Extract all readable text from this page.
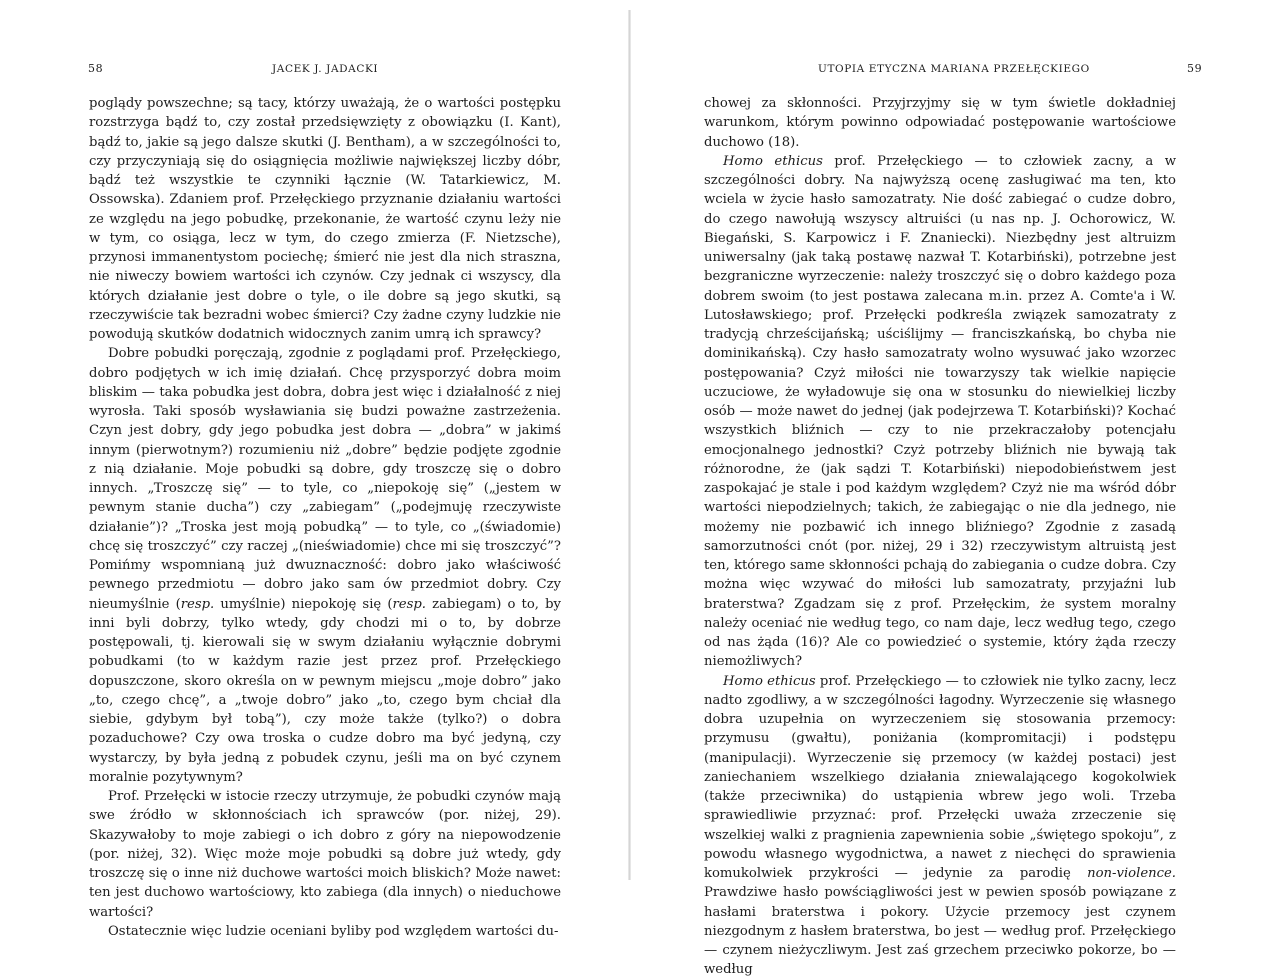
58	JACEK J. JADACKI

poglądy powszechne; są tacy, którzy uważają, że o wartości postępku rozstrzyga bądź to, czy został przedsięwzięty z obowiązku (I. Kant), bądź to, jakie są jego dalsze skutki (J. Bentham), a w szczególności to, czy przyczyniają się do osiągnięcia możliwie największej liczby dóbr, bądź też wszystkie te czynniki łącznie (W. Tatarkiewicz, M. Ossowska). Zdaniem prof. Przełęckiego przyznanie działaniu wartości ze względu na jego pobudkę, przekonanie, że wartość czynu leży nie w tym, co osiąga, lecz w tym, do czego zmierza (F. Nietzsche), przynosi immanentystom pociechę; śmierć nie jest dla nich straszna, nie niweczy bowiem wartości ich czynów. Czy jednak ci wszyscy, dla których działanie jest dobre o tyle, o ile dobre są jego skutki, są rzeczywiście tak bezradni wobec śmierci? Czy żadne czyny ludzkie nie powodują skutków dodatnich widocznych zanim umrą ich sprawcy?

Dobre pobudki poręczają, zgodnie z poglądami prof. Przełęckiego, dobro podjętych w ich imię działań. Chcę przysporzyć dobra moim bliskim — taka pobudka jest dobra, dobra jest więc i działalność z niej wyrosła. Taki sposób wysławiania się budzi poważne zastrzeżenia. Czyn jest dobry, gdy jego pobudka jest dobra — „dobra” w jakimś innym (pierwotnym?) rozumieniu niż „dobre” będzie podjęte zgodnie z nią działanie. Moje pobudki są dobre, gdy troszczę się o dobro innych. „Troszczę się” — to tyle, co „niepokoję się” („jestem w pewnym stanie ducha”) czy „zabiegam” („podejmuję rzeczywiste działanie”)? „Troska jest moją pobudką” — to tyle, co „(świadomie) chcę się troszczyć” czy raczej „(nieświadomie) chce mi się troszczyć”? Pomińmy wspomnianą już dwuznaczność: dobro jako właściwość pewnego przedmiotu — dobro jako sam ów przedmiot dobry. Czy nieumyślnie (resp. umyślnie) niepokoję się (resp. zabiegam) o to, by inni byli dobrzy, tylko wtedy, gdy chodzi mi o to, by dobrze postępowali, tj. kierowali się w swym działaniu wyłącznie dobrymi pobudkami (to w każdym razie jest przez prof. Przełęckiego dopuszczone, skoro określa on w pewnym miejscu „moje dobro” jako „to, czego chcę”, a „twoje dobro” jako „to, czego bym chciał dla siebie, gdybym był tobą”), czy może także (tylko?) o dobra pozaduchowe? Czy owa troska o cudze dobro ma być jedyną, czy wystarczy, by była jedną z pobudek czynu, jeśli ma on być czynem moralnie pozytywnym?

Prof. Przełęcki w istocie rzeczy utrzymuje, że pobudki czynów mają swe źródło w skłonnościach ich sprawców (por. niżej, 29). Skazywałoby to moje zabiegi o ich dobro z góry na niepowodzenie (por. niżej, 32). Więc może moje pobudki są dobre już wtedy, gdy troszczę się o inne niż duchowe wartości moich bliskich? Może nawet: ten jest duchowo wartościowy, kto zabiega (dla innych) o nieduchowe wartości?

Ostatecznie więc ludzie oceniani byliby pod względem wartości du-

UTOPIA ETYCZNA MARIANA PRZEŁĘCKIEGO	59

chowej za skłonności. Przyjrzyjmy się w tym świetle dokładniej warunkom, którym powinno odpowiadać postępowanie wartościowe duchowo (18).

Homo ethicus prof. Przełęckiego — to człowiek zacny, a w szczególności dobry. Na najwyższą ocenę zasługiwać ma ten, kto wciela w życie hasło samozatraty. Nie dość zabiegać o cudze dobro, do czego nawołują wszyscy altruiści (u nas np. J. Ochorowicz, W. Biegański, S. Karpowicz i F. Znaniecki). Niezbędny jest altruizm uniwersalny (jak taką postawę nazwał T. Kotarbiński), potrzebne jest bezgraniczne wyrzeczenie: należy troszczyć się o dobro każdego poza dobrem swoim (to jest postawa zalecana m.in. przez A. Comte'a i W. Lutosławskiego; prof. Przełęcki podkreśla związek samozatraty z tradycją chrześcijańską; uściślijmy — franciszkańską, bo chyba nie dominikańską). Czy hasło samozatraty wolno wysuwać jako wzorzec postępowania? Czyż miłości nie towarzyszy tak wielkie napięcie uczuciowe, że wyładowuje się ona w stosunku do niewielkiej liczby osób — może nawet do jednej (jak podejrzewa T. Kotarbiński)? Kochać wszystkich bliźnich — czy to nie przekraczałoby potencjału emocjonalnego jednostki? Czyż potrzeby bliźnich nie bywają tak różnorodne, że (jak sądzi T. Kotarbiński) niepodobieństwem jest zaspokajać je stale i pod każdym względem? Czyż nie ma wśród dóbr wartości niepodzielnych; takich, że zabiegając o nie dla jednego, nie możemy nie pozbawić ich innego bliźniego? Zgodnie z zasadą samorzutności cnót (por. niżej, 29 i 32) rzeczywistym altruistą jest ten, którego same skłonności pchają do zabiegania o cudze dobra. Czy można więc wzywać do miłości lub samozatraty, przyjaźni lub braterstwa? Zgadzam się z prof. Przełęckim, że system moralny należy oceniać nie według tego, co nam daje, lecz według tego, czego od nas żąda (16)? Ale co powiedzieć o systemie, który żąda rzeczy niemożliwych?

Homo ethicus prof. Przełęckiego — to człowiek nie tylko zacny, lecz nadto zgodliwy, a w szczególności łagodny. Wyrzeczenie się własnego dobra uzupełnia on wyrzeczeniem się stosowania przemocy: przymusu (gwałtu), poniżania (kompromitacji) i podstępu (manipulacji). Wyrzeczenie się przemocy (w każdej postaci) jest zaniechaniem wszelkiego działania zniewalającego kogokolwiek (także przeciwnika) do ustąpienia wbrew jego woli. Trzeba sprawiedliwie przyznać: prof. Przełęcki uważa zrzeczenie się wszelkiej walki z pragnienia zapewnienia sobie „świętego spokoju”, z powodu własnego wygodnictwa, a nawet z niechęci do sprawienia komukolwiek przykrości — jedynie za parodię non-violence. Prawdziwe hasło powściągliwości jest w pewien sposób powiązane z hasłami braterstwa i pokory. Użycie przemocy jest czynem niezgodnym z hasłem braterstwa, bo jest — według prof. Przełęckiego — czynem nieżyczliwym. Jest zaś grzechem przeciwko pokorze, bo — według
